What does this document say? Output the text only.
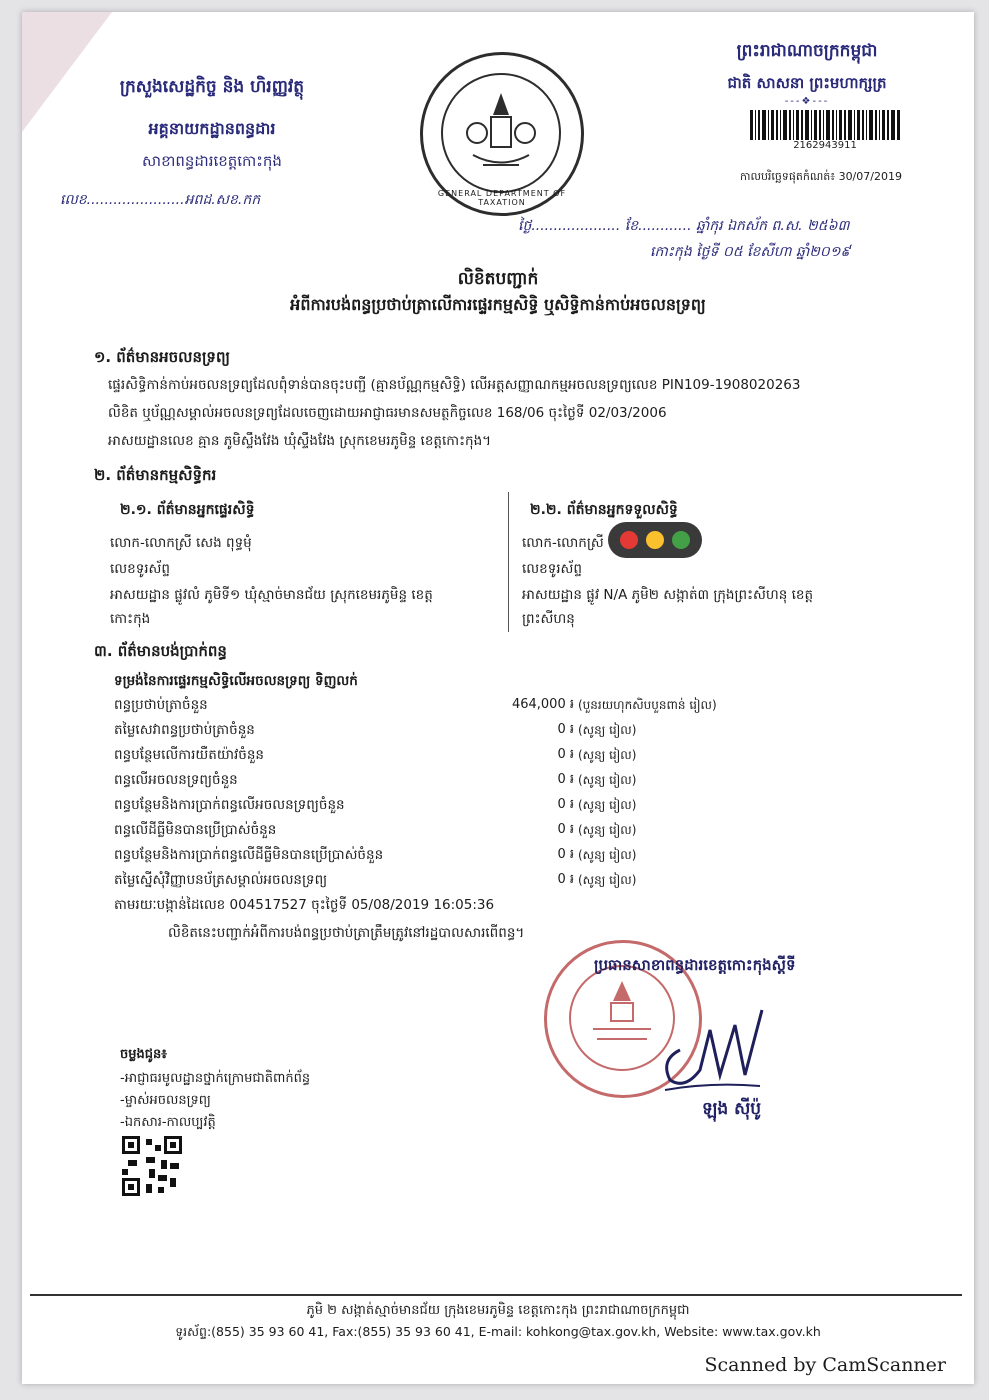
ក្រសួងសេដ្ឋកិច្ច និង ហិរញ្ញវត្ថុ
អគ្គនាយកដ្ឋានពន្ធដារ
សាខាពន្ធដារខេត្តកោះកុង
លេខ......................អពដ.សខ.កក	GENERAL DEPARTMENT OF TAXATION
ព្រះរាជាណាចក្រកម្ពុជា
ជាតិ សាសនា ព្រះមហាក្សត្រ
---❖---
2162943911
កាលបរិច្ឆេទផុតកំណត់៖ 30/07/2019
ថ្ងៃ.................... ខែ............ ឆ្នាំកុរ ឯកស័ក ព.ស. ២៥៦៣
កោះកុង ថ្ងៃទី ០៥ ខែសីហា ឆ្នាំ២០១៩
លិខិតបញ្ជាក់
អំពីការបង់ពន្ធប្រថាប់ត្រាលើការផ្ទេរកម្មសិទ្ធិ ឬសិទ្ធិកាន់កាប់អចលនទ្រព្យ
១. ព័ត៌មានអចលនទ្រព្យ
ផ្ទេរសិទ្ធិកាន់កាប់អចលនទ្រព្យដែលពុំទាន់បានចុះបញ្ជី (គ្មានប័ណ្ណកម្មសិទ្ធិ) លើអត្តសញ្ញាណកម្មអចលនទ្រព្យលេខ PIN109-1908020263
លិខិត ឬប័ណ្ណសម្គាល់អចលនទ្រព្យដែលចេញដោយអាជ្ញាធរមានសមត្ថកិច្ចលេខ 168/06 ចុះថ្ងៃទី 02/03/2006
អាសយដ្ឋានលេខ គ្មាន ភូមិស្ទឹងវែង ឃុំស្ទឹងវែង ស្រុកខេមរភូមិន្ទ ខេត្តកោះកុង។
២. ព័ត៌មានកម្មសិទ្ធិករ
២.១. ព័ត៌មានអ្នកផ្ទេរសិទ្ធិ
លោក-លោកស្រី សេង ពុទ្ធមុំ
លេខទូរស័ព្ទ
អាសយដ្ឋាន ផ្លូវលំ ភូមិទី១ ឃុំស្មាច់មានជ័យ ស្រុកខេមរភូមិន្ទ ខេត្ត
កោះកុង
២.២. ព័ត៌មានអ្នកទទួលសិទ្ធិ
លោក-លោកស្រី
លេខទូរស័ព្ទ
អាសយដ្ឋាន ផ្លូវ N/A ភូមិ២ សង្កាត់៣ ក្រុងព្រះសីហនុ ខេត្ត
ព្រះសីហនុ
៣. ព័ត៌មានបង់ប្រាក់ពន្ធ
ទម្រង់នៃការផ្ទេរកម្មសិទ្ធិលើអចលនទ្រព្យ ទិញលក់
ពន្ធប្រថាប់ត្រាចំនួន	464,000 ៛ (បួនរយហុកសិបបួនពាន់ រៀល)
តម្លៃសេវាពន្ធប្រថាប់ត្រាចំនួន	0 ៛ (សូន្យ រៀល)
ពន្ធបន្ថែមលើការយឺតយ៉ាវចំនួន	0 ៛ (សូន្យ រៀល)
ពន្ធលើអចលនទ្រព្យចំនួន	0 ៛ (សូន្យ រៀល)
ពន្ធបន្ថែមនិងការប្រាក់ពន្ធលើអចលនទ្រព្យចំនួន	0 ៛ (សូន្យ រៀល)
ពន្ធលើដីធ្លីមិនបានប្រើប្រាស់ចំនួន	0 ៛ (សូន្យ រៀល)
ពន្ធបន្ថែមនិងការប្រាក់ពន្ធលើដីធ្លីមិនបានប្រើប្រាស់ចំនួន	0 ៛ (សូន្យ រៀល)
តម្លៃស្នើសុំវិញ្ញាបនប័ត្រសម្គាល់អចលនទ្រព្យ	0 ៛ (សូន្យ រៀល)
តាមរយៈបង្កាន់ដៃលេខ 004517527 ចុះថ្ងៃទី 05/08/2019 16:05:36
លិខិតនេះបញ្ជាក់អំពីការបង់ពន្ធប្រថាប់ត្រាត្រឹមត្រូវនៅរដ្ឋបាលសារពើពន្ធ។
ប្រធានសាខាពន្ធដារខេត្តកោះកុងស្តីទី
ឡុង ស៊ីប៉ូ
ចម្លងជូន៖
-អាជ្ញាធរមូលដ្ឋានថ្នាក់ក្រោមជាតិពាក់ព័ន្ធ
-ម្ចាស់អចលនទ្រព្យ
-ឯកសារ-កាលប្បវត្តិ
ភូមិ ២ សង្កាត់ស្មាច់មានជ័យ ក្រុងខេមរភូមិន្ទ ខេត្តកោះកុង ព្រះរាជាណាចក្រកម្ពុជា
ទូរស័ព្ទ:(855) 35 93 60 41, Fax:(855) 35 93 60 41, E-mail: kohkong@tax.gov.kh, Website: www.tax.gov.kh
Scanned by CamScanner
